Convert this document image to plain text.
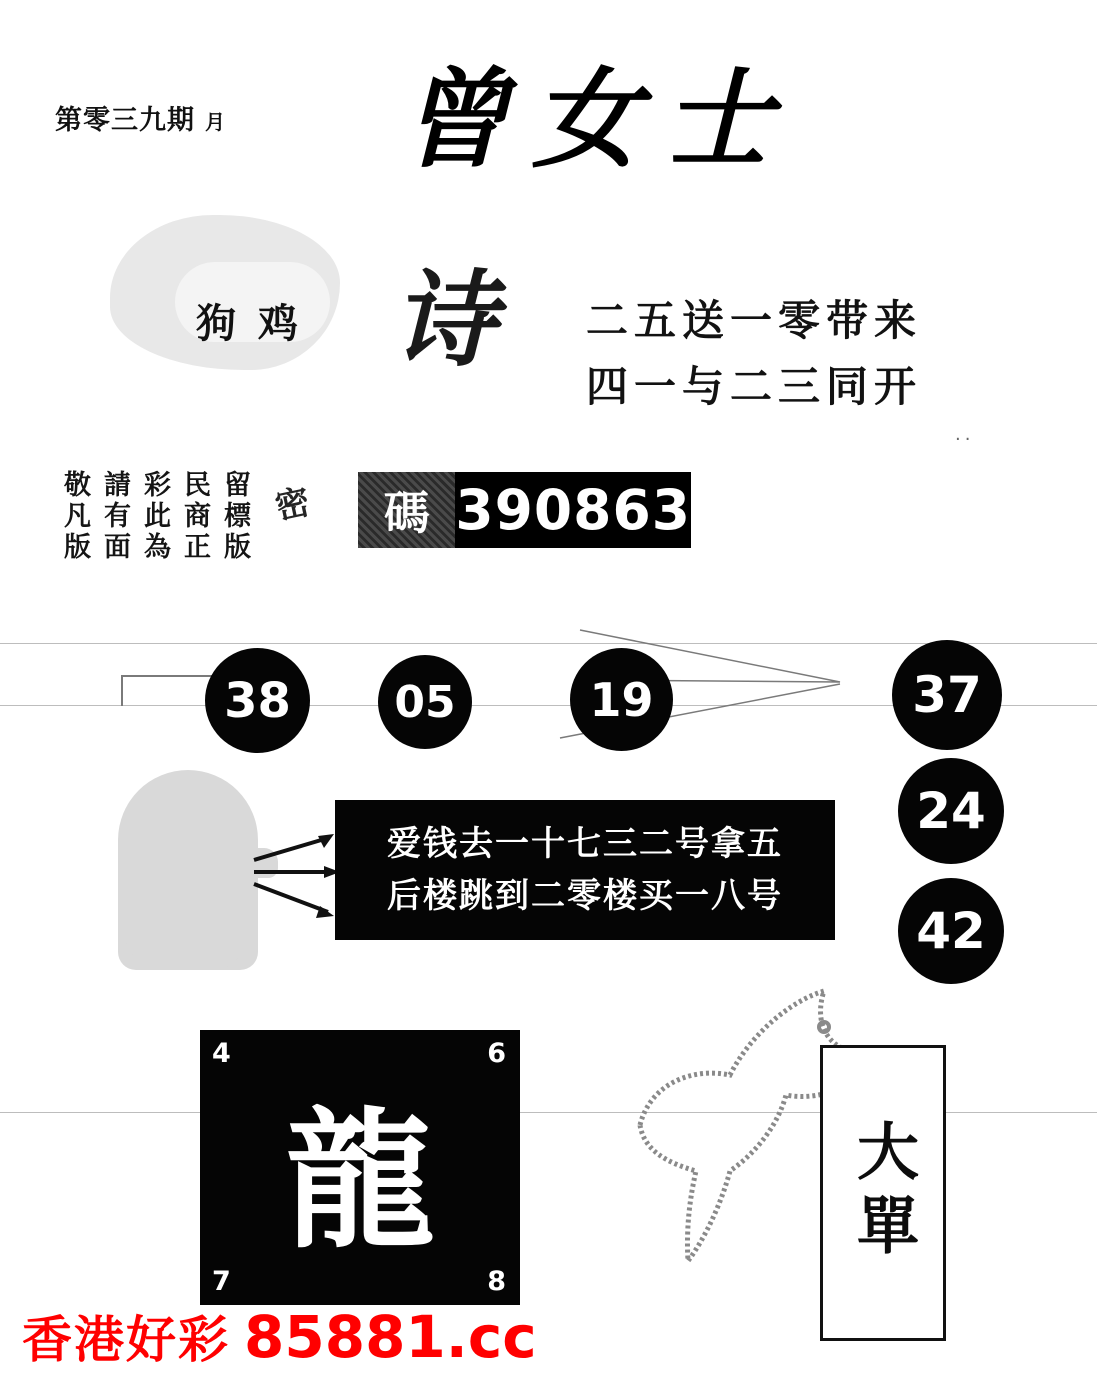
第零三九期 月 曾女士
狗 鸡 诗 二五送一零带来
四一与二三同开
..
留標版
民商正
彩此為
請有面
敬凡版	密	碼 390863
38	05	19	37
24
42
爱钱去一十七三二号拿五
后楼跳到二零楼买一八号
龍
4	6
7	8
大單
香港好彩 85881.cc
